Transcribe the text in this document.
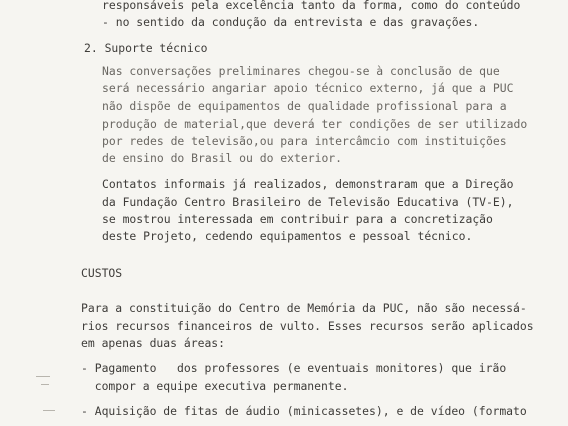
responsáveis pela excelência tanto da forma, como do conteúdo
- no sentido da condução da entrevista e das gravações.
2. Suporte técnico
Nas conversações preliminares chegou-se à conclusão de que
será necessário angariar apoio técnico externo, já que a PUC
não dispõe de equipamentos de qualidade profissional para a
produção de material,que deverá ter condições de ser utilizado
por redes de televisão,ou para intercâmcio com instituições
de ensino do Brasil ou do exterior.
Contatos informais já realizados, demonstraram que a Direção
da Fundação Centro Brasileiro de Televisão Educativa (TV-E),
se mostrou interessada em contribuir para a concretização
deste Projeto, cedendo equipamentos e pessoal técnico.
CUSTOS
Para a constituição do Centro de Memória da PUC, não são necessá-
rios recursos financeiros de vulto. Esses recursos serão aplicados
em apenas duas áreas:
- Pagamento   dos professores (e eventuais monitores) que irão
compor a equipe executiva permanente.
- Aquisição de fitas de áudio (minicassetes), e de vídeo (formato
